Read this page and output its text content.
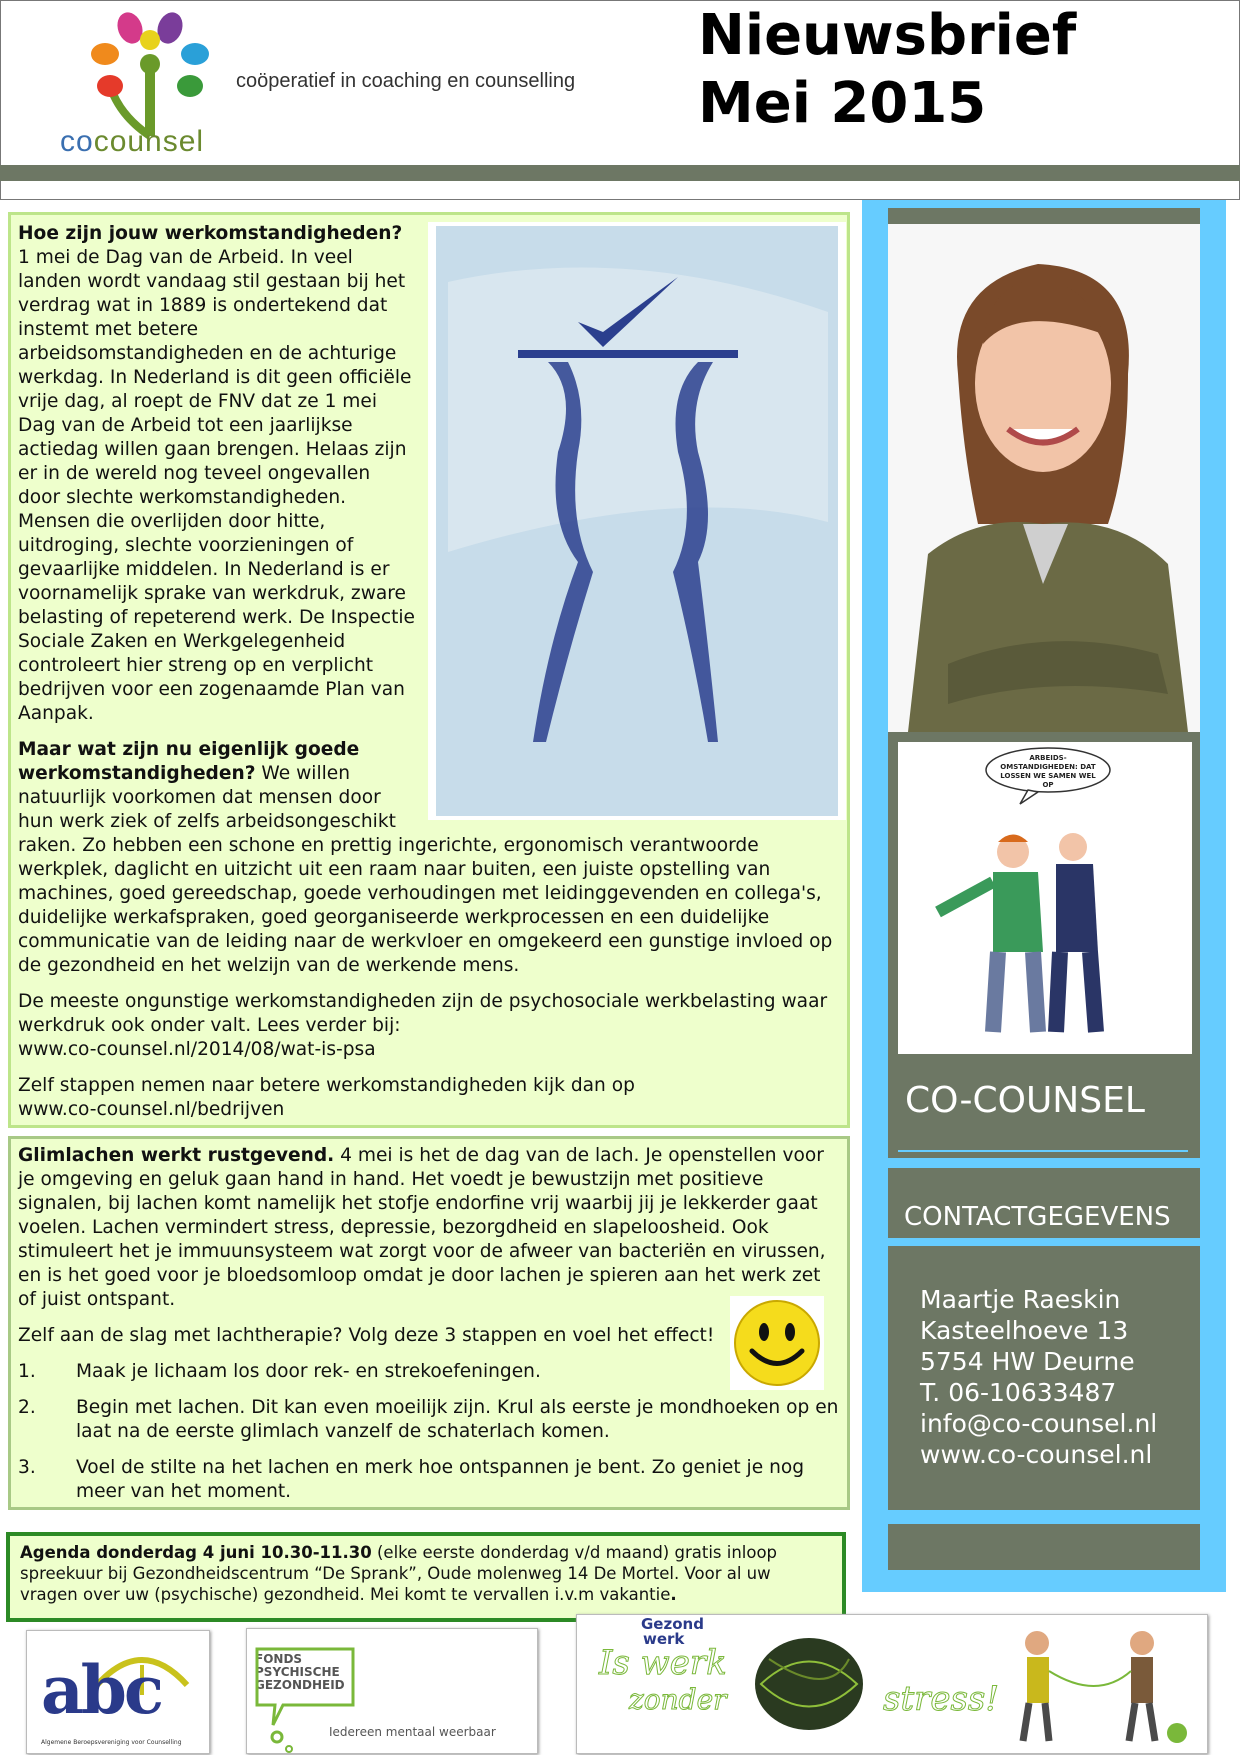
cocounsel
coöperatief in coaching en counselling
Nieuwsbrief
Mei 2015

Hoe zijn jouw werkomstandigheden?
1 mei de Dag van de Arbeid. In veel landen wordt vandaag stil gestaan bij het verdrag wat in 1889 is ondertekend dat instemt met betere arbeidsomstandigheden en de achturige werkdag. In Nederland is dit geen officiële vrije dag, al roept de FNV dat ze 1 mei Dag van de Arbeid tot een jaarlijkse actiedag willen gaan brengen. Helaas zijn er in de wereld nog teveel ongevallen door slechte werkomstandigheden. Mensen die overlijden door hitte, uitdroging, slechte voorzieningen of gevaarlijke middelen. In Nederland is er voornamelijk sprake van werkdruk, zware belasting of repeterend werk. De Inspectie Sociale Zaken en Werkgelegenheid controleert hier streng op en verplicht bedrijven voor een zogenaamde Plan van Aanpak.

Maar wat zijn nu eigenlijk goede werkomstandigheden? We willen natuurlijk voorkomen dat mensen door hun werk ziek of zelfs arbeidsongeschikt raken. Zo hebben een schone en prettig ingerichte, ergonomisch verantwoorde werkplek, daglicht en uitzicht uit een raam naar buiten, een juiste opstelling van machines, goed gereedschap, goede verhoudingen met leidinggevenden en collega's, duidelijke werkafspraken, goed georganiseerde werkprocessen en een duidelijke communicatie van de leiding naar de werkvloer en omgekeerd een gunstige invloed op de gezondheid en het welzijn van de werkende mens.

De meeste ongunstige werkomstandigheden zijn de psychosociale werkbelasting waar werkdruk ook onder valt. Lees verder bij:
www.co-counsel.nl/2014/08/wat-is-psa

Zelf stappen nemen naar betere werkomstandigheden kijk dan op
www.co-counsel.nl/bedrijven

Glimlachen werkt rustgevend. 4 mei is het de dag van de lach. Je openstellen voor je omgeving en geluk gaan hand in hand. Het voedt je bewustzijn met positieve signalen, bij lachen komt namelijk het stofje endorfine vrij waarbij jij je lekkerder gaat voelen. Lachen vermindert stress, depressie, bezorgdheid en slapeloosheid. Ook stimuleert het je immuunsysteem wat zorgt voor de afweer van bacteriën en virussen, en is het goed voor je bloedsomloop omdat je door lachen je spieren aan het werk zet of juist ontspant.

Zelf aan de slag met lachtherapie? Volg deze 3 stappen en voel het effect!

1.	Maak je lichaam los door rek- en strekoefeningen.
2.	Begin met lachen. Dit kan even moeilijk zijn. Krul als eerste je mondhoeken op en laat na de eerste glimlach vanzelf de schaterlach komen.
3.	Voel de stilte na het lachen en merk hoe ontspannen je bent. Zo geniet je nog meer van het moment.
Agenda donderdag 4 juni 10.30-11.30 (elke eerste donderdag v/d maand) gratis inloop spreekuur bij Gezondheidscentrum “De Sprank”, Oude molenweg 14 De Mortel. Voor al uw vragen over uw (psychische) gezondheid. Mei komt te vervallen i.v.m vakantie.
ARBEIDS-OMSTANDIGHEDEN: DAT LOSSEN WE SAMEN WEL OP
CO-COUNSEL
CONTACTGEGEVENS
Maartje Raeskin
Kasteelhoeve 13
5754 HW Deurne
T. 06-10633487
info@co-counsel.nl
www.co-counsel.nl
abc
Algemene Beroepsvereniging voor Counselling
FONDS
PSYCHISCHE
GEZONDHEID
Iedereen mentaal weerbaar
Gezond
werk
Is werk
zonder	stress!
